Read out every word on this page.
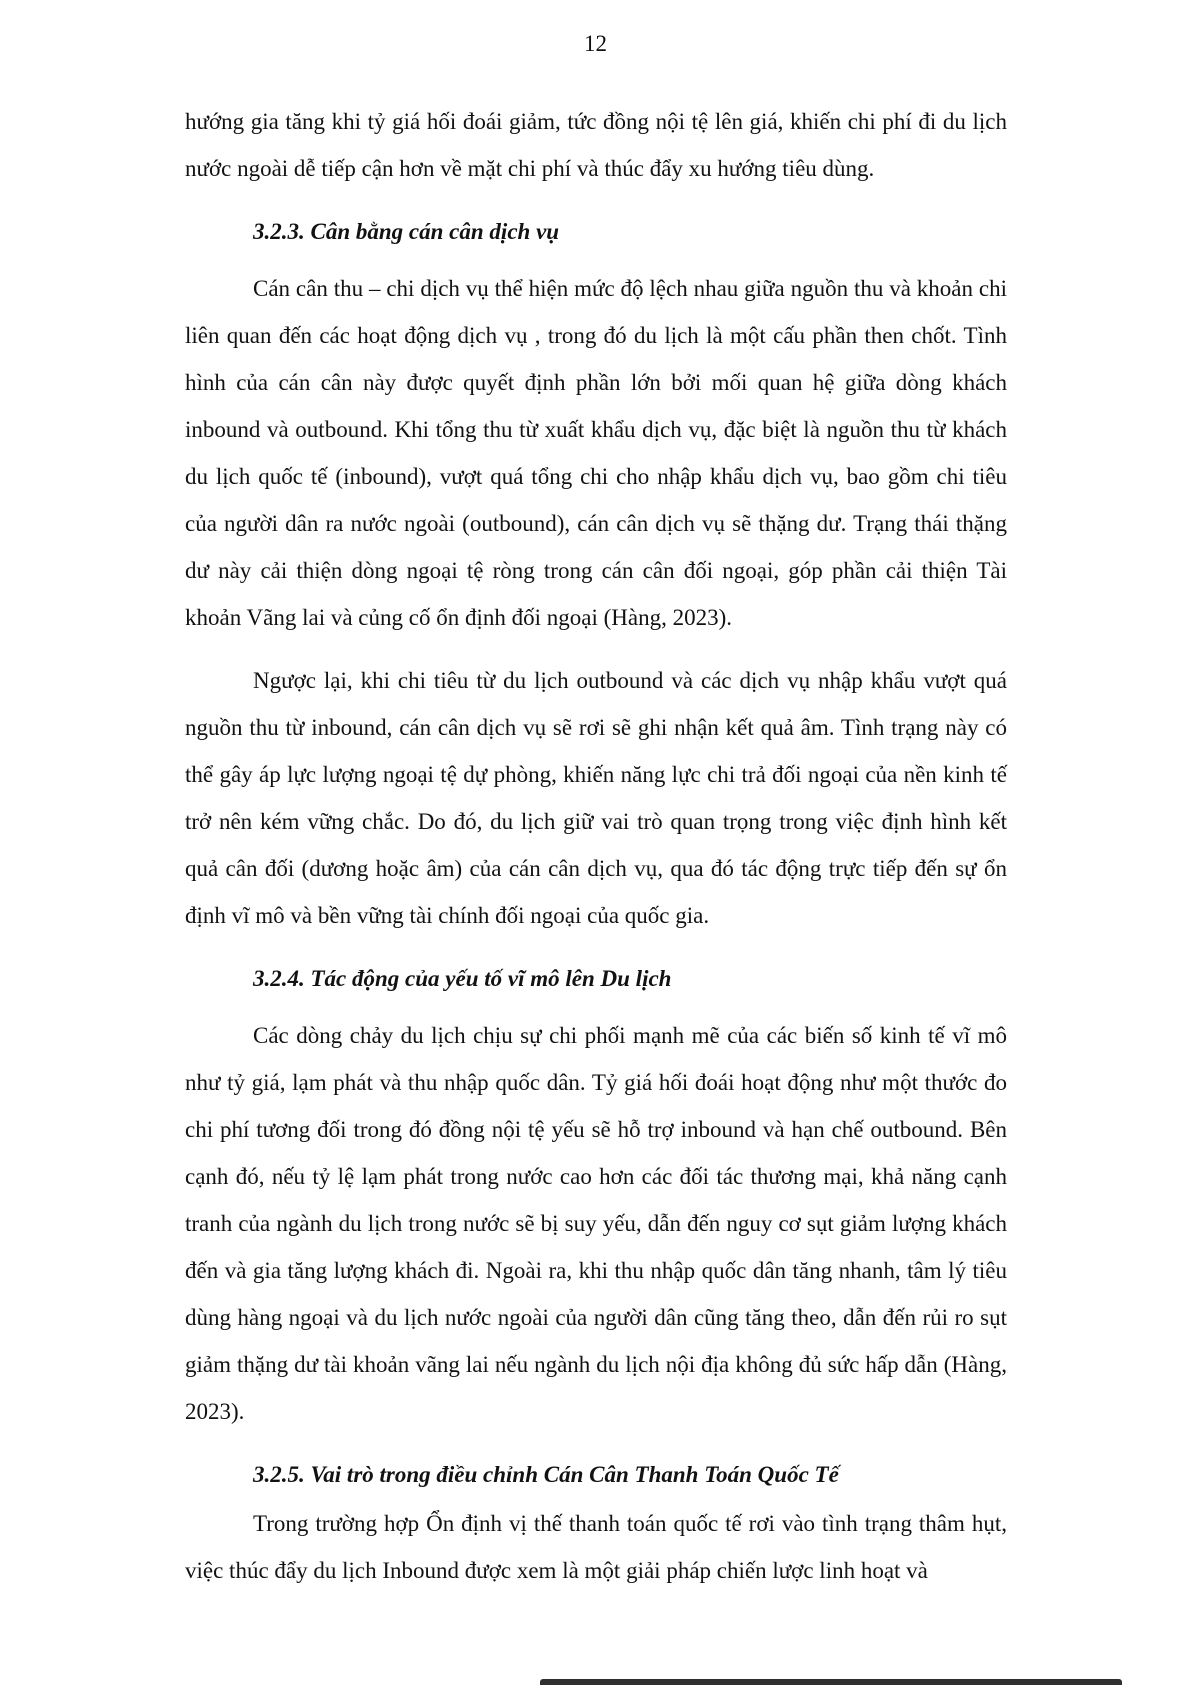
12

hướng gia tăng khi tỷ giá hối đoái giảm, tức đồng nội tệ lên giá, khiến chi phí đi du lịch nước ngoài dễ tiếp cận hơn về mặt chi phí và thúc đẩy xu hướng tiêu dùng.

3.2.3. Cân bằng cán cân dịch vụ

Cán cân thu – chi dịch vụ thể hiện mức độ lệch nhau giữa nguồn thu và khoản chi liên quan đến các hoạt động dịch vụ , trong đó du lịch là một cấu phần then chốt. Tình hình của cán cân này được quyết định phần lớn bởi mối quan hệ giữa dòng khách inbound và outbound. Khi tổng thu từ xuất khẩu dịch vụ, đặc biệt là nguồn thu từ khách du lịch quốc tế (inbound), vượt quá tổng chi cho nhập khẩu dịch vụ, bao gồm chi tiêu của người dân ra nước ngoài (outbound), cán cân dịch vụ sẽ thặng dư. Trạng thái thặng dư này cải thiện dòng ngoại tệ ròng trong cán cân đối ngoại, góp phần cải thiện Tài khoản Vãng lai và củng cố ổn định đối ngoại (Hàng, 2023).

Ngược lại, khi chi tiêu từ du lịch outbound và các dịch vụ nhập khẩu vượt quá nguồn thu từ inbound, cán cân dịch vụ sẽ rơi sẽ ghi nhận kết quả âm. Tình trạng này có thể gây áp lực lượng ngoại tệ dự phòng, khiến năng lực chi trả đối ngoại của nền kinh tế trở nên kém vững chắc. Do đó, du lịch giữ vai trò quan trọng trong việc định hình kết quả cân đối (dương hoặc âm) của cán cân dịch vụ, qua đó tác động trực tiếp đến sự ổn định vĩ mô và bền vững tài chính đối ngoại của quốc gia.

3.2.4. Tác động của yếu tố vĩ mô lên Du lịch

Các dòng chảy du lịch chịu sự chi phối mạnh mẽ của các biến số kinh tế vĩ mô như tỷ giá, lạm phát và thu nhập quốc dân. Tỷ giá hối đoái hoạt động như một thước đo chi phí tương đối trong đó đồng nội tệ yếu sẽ hỗ trợ inbound và hạn chế outbound. Bên cạnh đó, nếu tỷ lệ lạm phát trong nước cao hơn các đối tác thương mại, khả năng cạnh tranh của ngành du lịch trong nước sẽ bị suy yếu, dẫn đến nguy cơ sụt giảm lượng khách đến và gia tăng lượng khách đi. Ngoài ra, khi thu nhập quốc dân tăng nhanh, tâm lý tiêu dùng hàng ngoại và du lịch nước ngoài của người dân cũng tăng theo, dẫn đến rủi ro sụt giảm thặng dư tài khoản vãng lai nếu ngành du lịch nội địa không đủ sức hấp dẫn (Hàng, 2023).

3.2.5. Vai trò trong điều chỉnh Cán Cân Thanh Toán Quốc Tế

Trong trường hợp Ổn định vị thế thanh toán quốc tế rơi vào tình trạng thâm hụt, việc thúc đẩy du lịch Inbound được xem là một giải pháp chiến lược linh hoạt và
